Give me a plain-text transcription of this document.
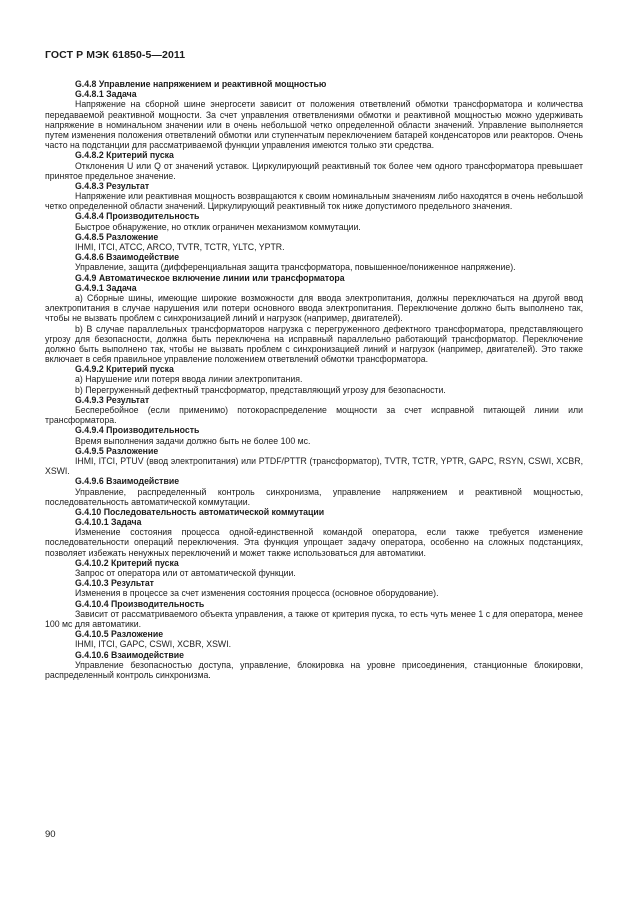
ГОСТ Р МЭК 61850-5—2011

G.4.8 Управление напряжением и реактивной мощностью

G.4.8.1 Задача

Напряжение на сборной шине энергосети зависит от положения ответвлений обмотки трансформатора и количества передаваемой реактивной мощности. За счет управления ответвлениями обмотки и реактивной мощностью можно удерживать напряжение в номинальном значении или в очень небольшой четко определенной области значений. Управление выполняется путем изменения положения ответвлений обмотки или ступенчатым переключением батарей конденсаторов или реакторов. Очень часто на подстанции для рассматриваемой функции управления имеются только эти средства.

G.4.8.2 Критерий пуска

Отклонения U или Q от значений уставок. Циркулирующий реактивный ток более чем одного трансформатора превышает принятое предельное значение.

G.4.8.3 Результат

Напряжение или реактивная мощность возвращаются к своим номинальным значениям либо находятся в очень небольшой четко определенной области значений. Циркулирующий реактивный ток ниже допустимого предельного значения.

G.4.8.4 Производительность

Быстрое обнаружение, но отклик ограничен механизмом коммутации.

G.4.8.5 Разложение

IHMI, ITCI, ATCC, ARCO, TVTR, TCTR, YLTC, YPTR.

G.4.8.6 Взаимодействие

Управление, защита (дифференциальная защита трансформатора, повышенное/пониженное напряжение).

G.4.9 Автоматическое включение линии или трансформатора

G.4.9.1 Задача

a) Сборные шины, имеющие широкие возможности для ввода электропитания, должны переключаться на другой ввод электропитания в случае нарушения или потери основного ввода электропитания. Переключение должно быть выполнено так, чтобы не вызвать проблем с синхронизацией линий и нагрузок (например, двигателей).

b) В случае параллельных трансформаторов нагрузка с перегруженного дефектного трансформатора, представляющего угрозу для безопасности, должна быть переключена на исправный параллельно работающий трансформатор. Переключение должно быть выполнено так, чтобы не вызвать проблем с синхронизацией линий и нагрузок (например, двигателей). Это также включает в себя правильное управление положением ответвлений обмотки трансформатора.

G.4.9.2 Критерий пуска

a) Нарушение или потеря ввода линии электропитания.

b) Перегруженный дефектный трансформатор, представляющий угрозу для безопасности.

G.4.9.3 Результат

Бесперебойное (если применимо) потокораспределение мощности за счет исправной питающей линии или трансформатора.

G.4.9.4 Производительность

Время выполнения задачи должно быть не более 100 мс.

G.4.9.5 Разложение

IHMI, ITCI, PTUV (ввод электропитания) или PTDF/PTTR (трансформатор), TVTR, TCTR, YPTR, GAPC, RSYN, CSWI, XCBR, XSWI.

G.4.9.6 Взаимодействие

Управление, распределенный контроль синхронизма, управление напряжением и реактивной мощностью, последовательность автоматической коммутации.

G.4.10 Последовательность автоматической коммутации

G.4.10.1 Задача

Изменение состояния процесса одной-единственной командой оператора, если также требуется изменение последовательности операций переключения. Эта функция упрощает задачу оператора, особенно на сложных подстанциях, позволяет избежать ненужных переключений и может также использоваться для автоматики.

G.4.10.2 Критерий пуска

Запрос от оператора или от автоматической функции.

G.4.10.3 Результат

Изменения в процессе за счет изменения состояния процесса (основное оборудование).

G.4.10.4 Производительность

Зависит от рассматриваемого объекта управления, а также от критерия пуска, то есть чуть менее 1 с для оператора, менее 100 мс для автоматики.

G.4.10.5 Разложение

IHMI, ITCI, GAPC, CSWI, XCBR, XSWI.

G.4.10.6 Взаимодействие

Управление безопасностью доступа, управление, блокировка на уровне присоединения, станционные блокировки, распределенный контроль синхронизма.

90
